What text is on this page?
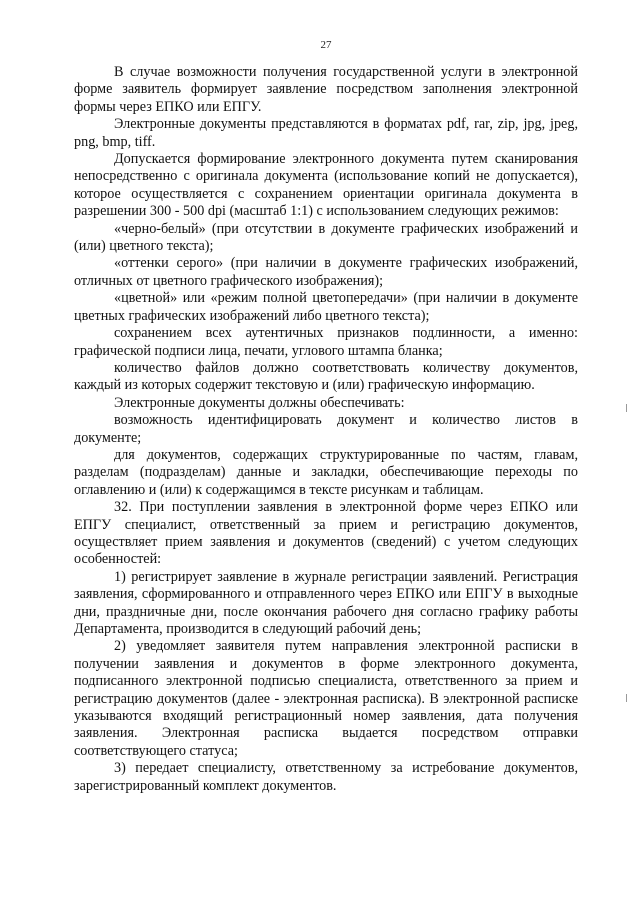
27

В случае возможности получения государственной услуги в электронной форме заявитель формирует заявление посредством заполнения электронной формы через ЕПКО или ЕПГУ.

Электронные документы представляются в форматах pdf, rar, zip, jpg, jpeg, png, bmp, tiff.

Допускается формирование электронного документа путем сканирования непосредственно с оригинала документа (использование копий не допускается), которое осуществляется с сохранением ориентации оригинала документа в разрешении 300 - 500 dpi (масштаб 1:1) с использованием следующих режимов:

«черно-белый» (при отсутствии в документе графических изображений и (или) цветного текста);

«оттенки серого» (при наличии в документе графических изображений, отличных от цветного графического изображения);

«цветной» или «режим полной цветопередачи» (при наличии в документе цветных графических изображений либо цветного текста);

сохранением всех аутентичных признаков подлинности, а именно: графической подписи лица, печати, углового штампа бланка;

количество файлов должно соответствовать количеству документов, каждый из которых содержит текстовую и (или) графическую информацию.

Электронные документы должны обеспечивать:

возможность идентифицировать документ и количество листов в документе;

для документов, содержащих структурированные по частям, главам, разделам (подразделам) данные и закладки, обеспечивающие переходы по оглавлению и (или) к содержащимся в тексте рисункам и таблицам.

32. При поступлении заявления в электронной форме через ЕПКО или ЕПГУ специалист, ответственный за прием и регистрацию документов, осуществляет прием заявления и документов (сведений) с учетом следующих особенностей:

1) регистрирует заявление в журнале регистрации заявлений. Регистрация заявления, сформированного и отправленного через ЕПКО или ЕПГУ в выходные дни, праздничные дни, после окончания рабочего дня согласно графику работы Департамента, производится в следующий рабочий день;

2) уведомляет заявителя путем направления электронной расписки в получении заявления и документов в форме электронного документа, подписанного электронной подписью специалиста, ответственного за прием и регистрацию документов (далее - электронная расписка). В электронной расписке указываются входящий регистрационный номер заявления, дата получения заявления. Электронная расписка выдается посредством отправки соответствующего статуса;

3) передает специалисту, ответственному за истребование документов, зарегистрированный комплект документов.
